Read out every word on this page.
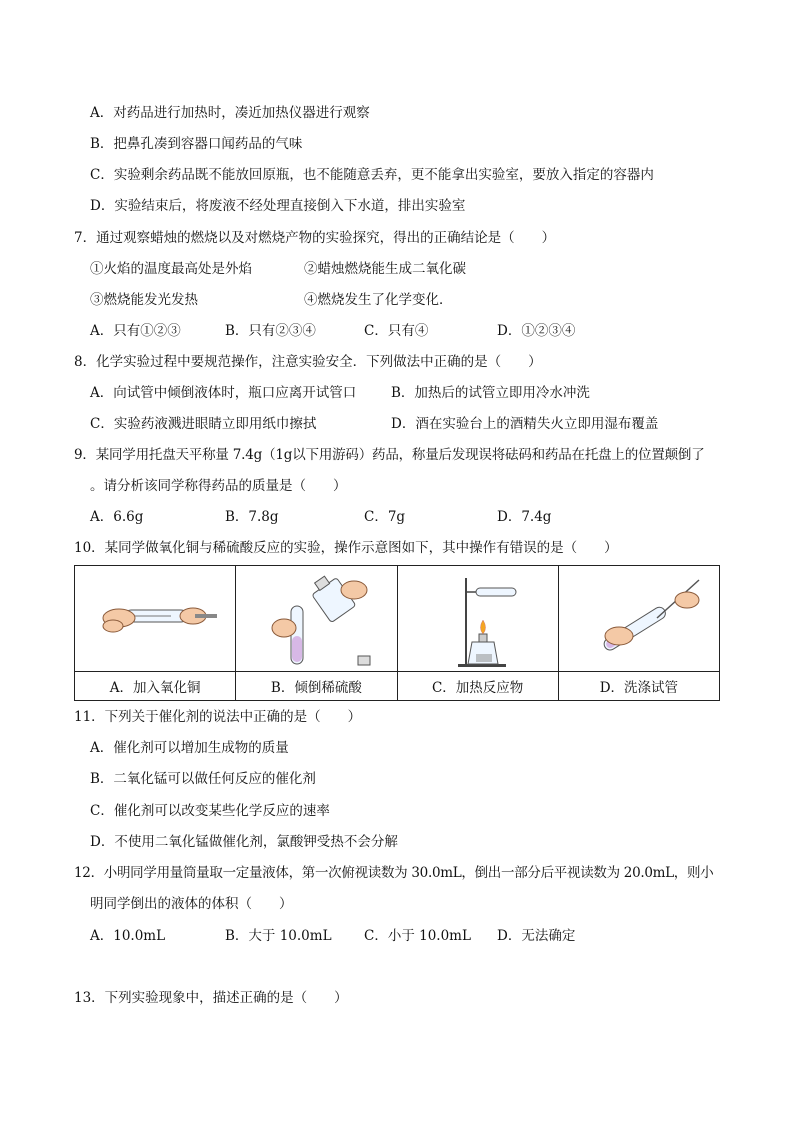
A．对药品进行加热时，凑近加热仪器进行观察
B．把鼻孔凑到容器口闻药品的气味
C．实验剩余药品既不能放回原瓶，也不能随意丢弃，更不能拿出实验室，要放入指定的容器内
D．实验结束后，将废液不经处理直接倒入下水道，排出实验室
7．通过观察蜡烛的燃烧以及对燃烧产物的实验探究，得出的正确结论是（　　）
①火焰的温度最高处是外焰	②蜡烛燃烧能生成二氧化碳
③燃烧能发光发热	④燃烧发生了化学变化．
A．只有①②③	B．只有②③④	C．只有④	D．①②③④
8．化学实验过程中要规范操作，注意实验安全．下列做法中正确的是（　　）
A．向试管中倾倒液体时，瓶口应离开试管口	B．加热后的试管立即用冷水冲洗
C．实验药液溅进眼睛立即用纸巾擦拭	D．酒在实验台上的酒精失火立即用湿布覆盖
9．某同学用托盘天平称量 7.4g（1g以下用游码）药品，称量后发现误将砝码和药品在托盘上的位置颠倒了
。请分析该同学称得药品的质量是（　　）
A．6.6g	B．7.8g	C．7g	D．7.4g
10．某同学做氧化铜与稀硫酸反应的实验，操作示意图如下，其中操作有错误的是（　　）

A．加入氧化铜	B．倾倒稀硫酸	C．加热反应物	D．洗涤试管
11．下列关于催化剂的说法中正确的是（　　）
A．催化剂可以增加生成物的质量
B．二氧化锰可以做任何反应的催化剂
C．催化剂可以改变某些化学反应的速率
D．不使用二氧化锰做催化剂，氯酸钾受热不会分解
12．小明同学用量筒量取一定量液体，第一次俯视读数为 30.0mL，倒出一部分后平视读数为 20.0mL，则小
明同学倒出的液体的体积（　　）
A．10.0mL	B．大于 10.0mL C．小于 10.0mL D．无法确定
13．下列实验现象中，描述正确的是（　　）
